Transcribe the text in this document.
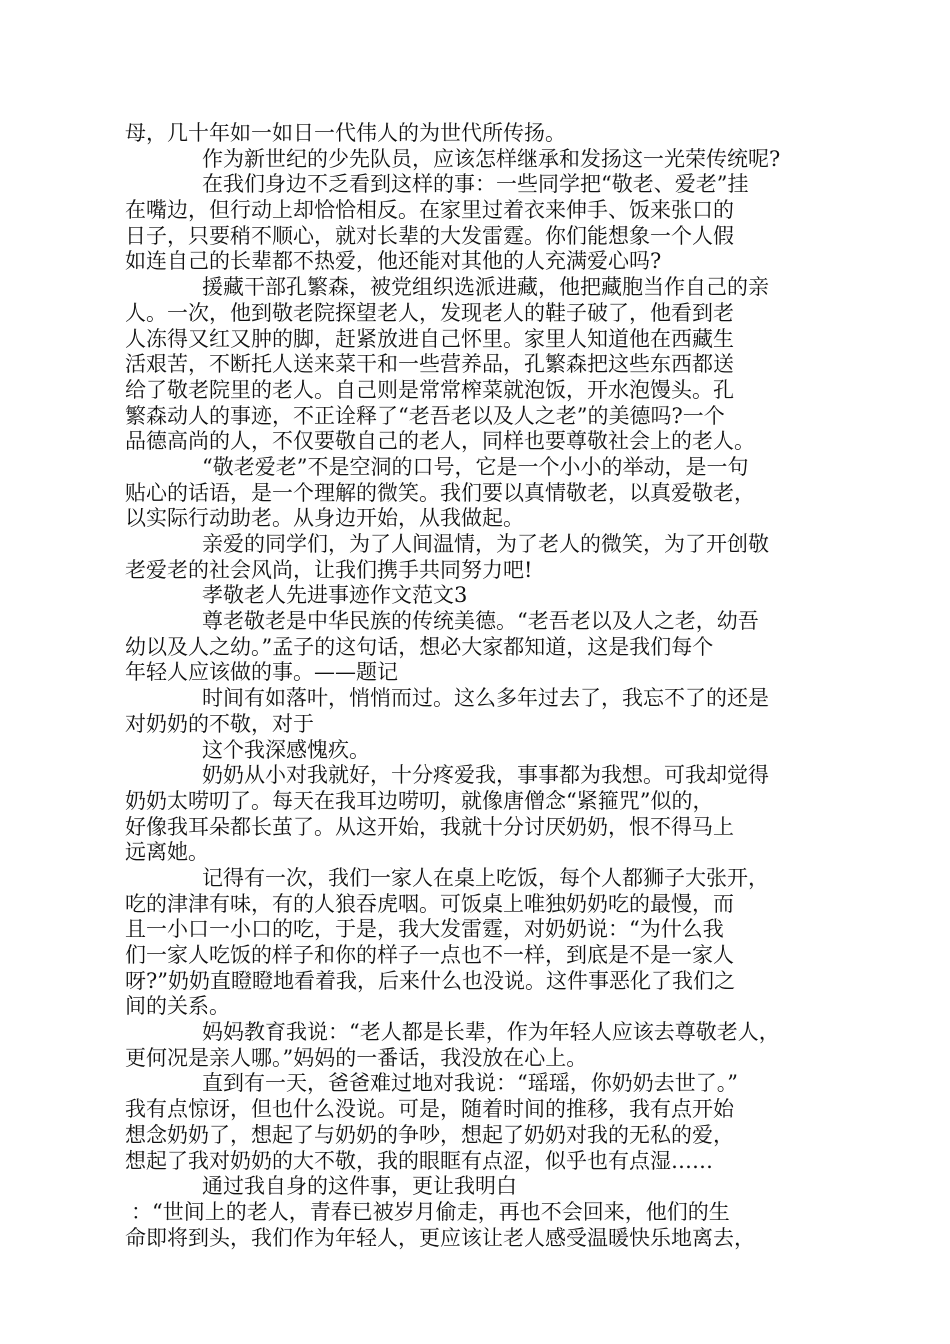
母，几十年如一如日一代伟人的为世代所传扬。
作为新世纪的少先队员，应该怎样继承和发扬这一光荣传统呢?
在我们身边不乏看到这样的事：一些同学把“敬老、爱老”挂
在嘴边，但行动上却恰恰相反。在家里过着衣来伸手、饭来张口的
日子，只要稍不顺心，就对长辈的大发雷霆。你们能想象一个人假
如连自己的长辈都不热爱，他还能对其他的人充满爱心吗?
援藏干部孔繁森，被党组织选派进藏，他把藏胞当作自己的亲
人。一次，他到敬老院探望老人，发现老人的鞋子破了，他看到老
人冻得又红又肿的脚，赶紧放进自己怀里。家里人知道他在西藏生
活艰苦，不断托人送来菜干和一些营养品，孔繁森把这些东西都送
给了敬老院里的老人。自己则是常常榨菜就泡饭，开水泡馒头。孔
繁森动人的事迹，不正诠释了“老吾老以及人之老”的美德吗?一个
品德高尚的人，不仅要敬自己的老人，同样也要尊敬社会上的老人。
“敬老爱老”不是空洞的口号，它是一个小小的举动，是一句
贴心的话语，是一个理解的微笑。我们要以真情敬老，以真爱敬老，
以实际行动助老。从身边开始，从我做起。
亲爱的同学们，为了人间温情，为了老人的微笑，为了开创敬
老爱老的社会风尚，让我们携手共同努力吧!
孝敬老人先进事迹作文范文3
尊老敬老是中华民族的传统美德。“老吾老以及人之老，幼吾
幼以及人之幼。”孟子的这句话，想必大家都知道，这是我们每个
年轻人应该做的事。——题记
时间有如落叶，悄悄而过。这么多年过去了，我忘不了的还是
对奶奶的不敬，对于
这个我深感愧疚。
奶奶从小对我就好，十分疼爱我，事事都为我想。可我却觉得
奶奶太唠叨了。每天在我耳边唠叨，就像唐僧念“紧箍咒”似的，
好像我耳朵都长茧了。从这开始，我就十分讨厌奶奶，恨不得马上
远离她。
记得有一次，我们一家人在桌上吃饭，每个人都狮子大张开，
吃的津津有味，有的人狼吞虎咽。可饭桌上唯独奶奶吃的最慢，而
且一小口一小口的吃，于是，我大发雷霆，对奶奶说：“为什么我
们一家人吃饭的样子和你的样子一点也不一样，到底是不是一家人
呀?”奶奶直瞪瞪地看着我，后来什么也没说。这件事恶化了我们之
间的关系。
妈妈教育我说：“老人都是长辈，作为年轻人应该去尊敬老人，
更何况是亲人哪。”妈妈的一番话，我没放在心上。
直到有一天，爸爸难过地对我说：“瑶瑶，你奶奶去世了。”
我有点惊讶，但也什么没说。可是，随着时间的推移，我有点开始
想念奶奶了，想起了与奶奶的争吵，想起了奶奶对我的无私的爱，
想起了我对奶奶的大不敬，我的眼眶有点涩，似乎也有点湿……
通过我自身的这件事，更让我明白
：“世间上的老人，青春已被岁月偷走，再也不会回来，他们的生
命即将到头，我们作为年轻人，更应该让老人感受温暖快乐地离去，
